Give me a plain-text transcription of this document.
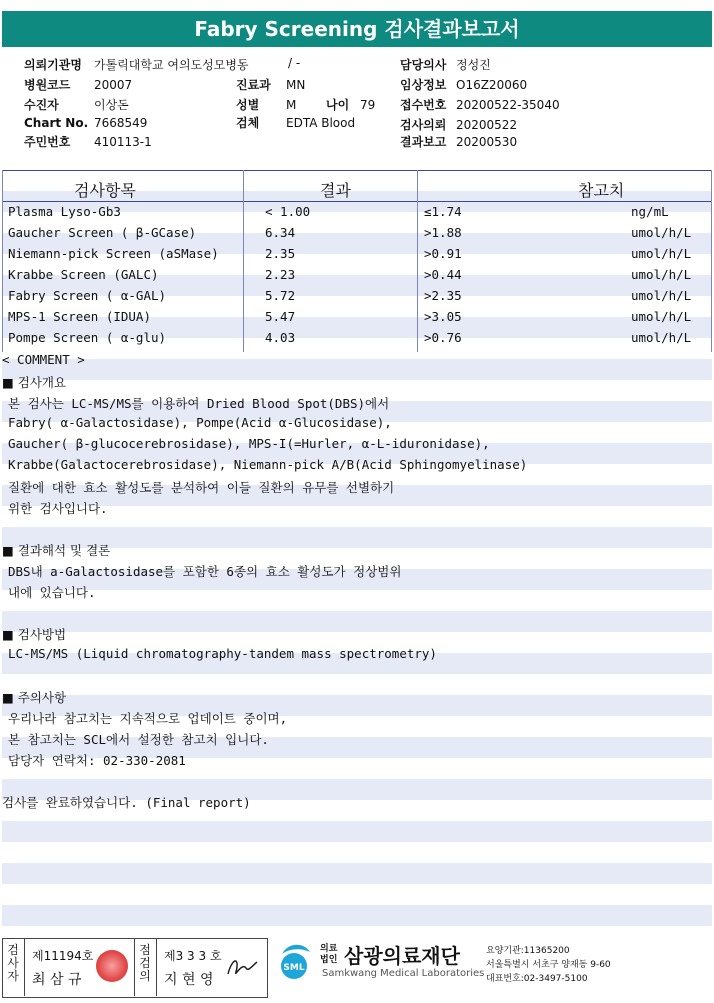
Fabry Screening 검사결과보고서
의뢰기관명 가톨릭대학교 여의도성모병동	/ -	담당의사 정성진
병원코드 20007	진료과 MN	임상정보 O16Z20060
수진자	이상돈	성별 M 나이 79 접수번호 20200522-35040
Chart No. 7668549	검체 EDTA Blood	검사의뢰 20200522
주민번호 410113-1	결과보고 20200530
검사항목	결과	참고치
Plasma Lyso-Gb3	< 1.00	≤1.74	ng/mL
Gaucher Screen ( β-GCase)	6.34	>1.88	umol/h/L
Niemann-pick Screen (aSMase)	2.35	>0.91	umol/h/L
Krabbe Screen (GALC)	2.23	>0.44	umol/h/L
Fabry Screen ( α-GAL)	5.72	>2.35	umol/h/L
MPS-1 Screen (IDUA)	5.47	>3.05	umol/h/L
Pompe Screen ( α-glu)	4.03	>0.76	umol/h/L
< COMMENT >
■ 검사개요
본 검사는 LC-MS/MS를 이용하여 Dried Blood Spot(DBS)에서
Fabry( α-Galactosidase), Pompe(Acid α-Glucosidase),
Gaucher( β-glucocerebrosidase), MPS-I(=Hurler, α-L-iduronidase),
Krabbe(Galactocerebrosidase), Niemann-pick A/B(Acid Sphingomyelinase)
질환에 대한 효소 활성도를 분석하여 이들 질환의 유무를 선별하기
위한 검사입니다.
■ 결과해석 및 결론
DBS내 a-Galactosidase를 포함한 6종의 효소 활성도가 정상범위
내에 있습니다.
■ 검사방법
LC-MS/MS (Liquid chromatography-tandem mass spectrometry)
■ 주의사항
우리나라 참고치는 지속적으로 업데이트 중이며,
본 참고치는 SCL에서 설정한 참고치 입니다.
담당자 연락처: 02-330-2081
검사를 완료하였습니다. (Final report)
검사자
제11194호
최 삼 규
점검의
제3 3 3 호
지 현 영
SML
의료법인 삼광의료재단
Samkwang Medical Laboratories
요양기관:11365200
서울특별시 서초구 양재동 9-60
대표번호:02-3497-5100
